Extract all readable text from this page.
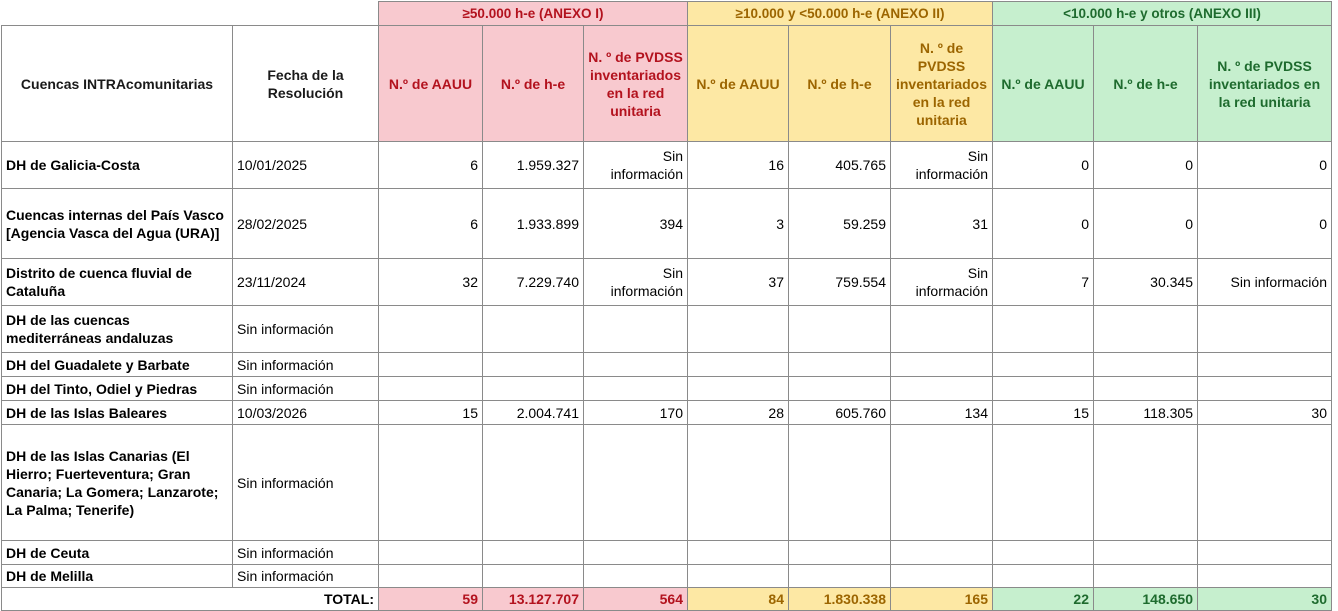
		≥50.000 h-e (ANEXO I)			≥10.000 y <50.000 h-e (ANEXO II)			<10.000 h-e y otros (ANEXO III)		
Cuencas INTRAcomunitarias	Fecha de la Resolución	N.º de AAUU	N.º de h-e	N. º de PVDSS inventariados en la red unitaria	N.º de AAUU	N.º de h-e	N. º de PVDSS inventariados en la red unitaria	N.º de AAUU	N.º de h-e	N. º de PVDSS inventariados en la red unitaria
DH de Galicia-Costa	10/01/2025	6	1.959.327	Sin información	16	405.765	Sin información	0	0	0
Cuencas internas del País Vasco [Agencia Vasca del Agua (URA)]	28/02/2025	6	1.933.899	394	3	59.259	31	0	0	0
Distrito de cuenca fluvial de Cataluña	23/11/2024	32	7.229.740	Sin información	37	759.554	Sin información	7	30.345	Sin información
DH de las cuencas mediterráneas andaluzas	Sin información									
DH del Guadalete y Barbate	Sin información									
DH del Tinto, Odiel y Piedras	Sin información									
DH de las Islas Baleares	10/03/2026	15	2.004.741	170	28	605.760	134	15	118.305	30
DH de las Islas Canarias (El Hierro; Fuerteventura; Gran Canaria; La Gomera; Lanzarote; La Palma; Tenerife)	Sin información									
DH de Ceuta	Sin información									
DH de Melilla	Sin información									
TOTAL:		59	13.127.707	564	84	1.830.338	165	22	148.650	30
